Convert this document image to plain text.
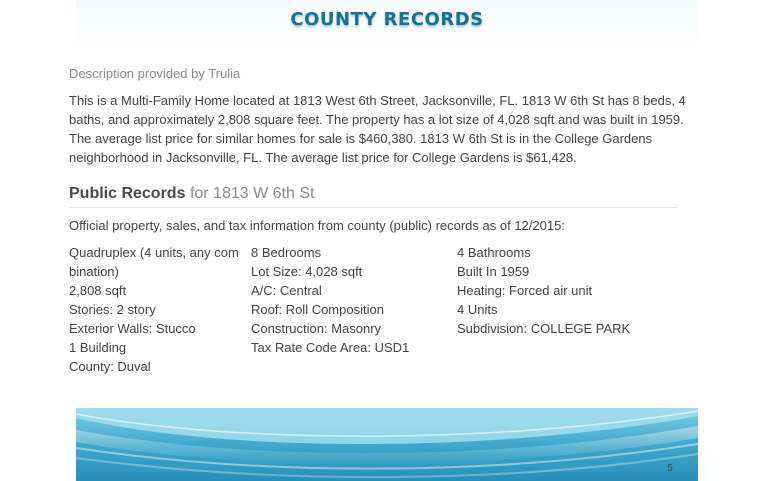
COUNTY RECORDS
Description provided by Trulia

This is a Multi-Family Home located at 1813 West 6th Street, Jacksonville, FL. 1813 W 6th St has 8 beds, 4 baths, and approximately 2,808 square feet. The property has a lot size of 4,028 sqft and was built in 1959. The average list price for similar homes for sale is $460,380. 1813 W 6th St is in the College Gardens neighborhood in Jacksonville, FL. The average list price for College Gardens is $61,428.

Public Records for 1813 W 6th St
Official property, sales, and tax information from county (public) records as of 12/2015:
Quadruplex (4 units, any com
bination)
2,808 sqft
Stories: 2 story
Exterior Walls: Stucco
1 Building
County: Duval
8 Bedrooms
Lot Size: 4,028 sqft
A/C: Central
Roof: Roll Composition
Construction: Masonry
Tax Rate Code Area: USD1
4 Bathrooms
Built In 1959
Heating: Forced air unit
4 Units
Subdivision: COLLEGE PARK
5
